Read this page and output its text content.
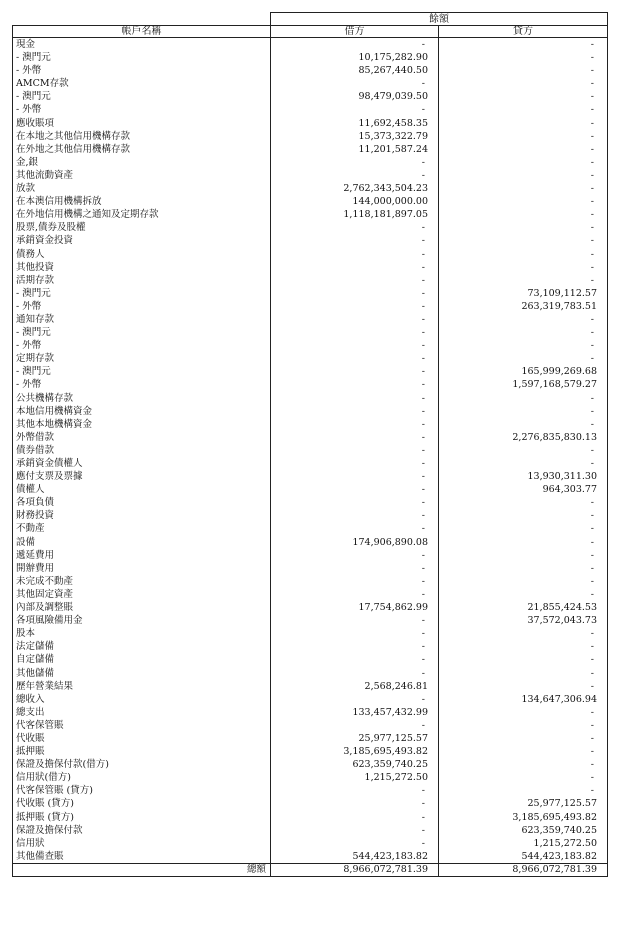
	餘額	
帳戶名稱	借方	貸方
現金	-	-
- 澳門元	10,175,282.90	-
- 外幣	85,267,440.50	-
AMCM存款	-	-
- 澳門元	98,479,039.50	-
- 外幣	-	-
應收賬項	11,692,458.35	-
在本地之其他信用機構存款	15,373,322.79	-
在外地之其他信用機構存款	11,201,587.24	-
金,銀	-	-
其他流動資產	-	-
放款	2,762,343,504.23	-
在本澳信用機構拆放	144,000,000.00	-
在外地信用機構之通知及定期存款	1,118,181,897.05	-
股票,債券及股權	-	-
承銷資金投資	-	-
債務人	-	-
其他投資	-	-
活期存款	-	-
- 澳門元	-	73,109,112.57
- 外幣	-	263,319,783.51
通知存款	-	-
- 澳門元	-	-
- 外幣	-	-
定期存款	-	-
- 澳門元	-	165,999,269.68
- 外幣	-	1,597,168,579.27
公共機構存款	-	-
本地信用機構資金	-	-
其他本地機構資金	-	-
外幣借款	-	2,276,835,830.13
債券借款	-	-
承銷資金債權人	-	-
應付支票及票據	-	13,930,311.30
債權人	-	964,303.77
各項負債	-	-
財務投資	-	-
不動產	-	-
設備	174,906,890.08	-
遞延費用	-	-
開辦費用	-	-
未完成不動產	-	-
其他固定資產	-	-
內部及調整賬	17,754,862.99	21,855,424.53
各項風險備用金	-	37,572,043.73
股本	-	-
法定儲備	-	-
自定儲備	-	-
其他儲備	-	-
歷年營業結果	2,568,246.81	-
總收入	-	134,647,306.94
總支出	133,457,432.99	-
代客保管賬	-	-
代收賬	25,977,125.57	-
抵押賬	3,185,695,493.82	-
保證及擔保付款(借方)	623,359,740.25	-
信用狀(借方)	1,215,272.50	-
代客保管賬 (貸方)	-	-
代收賬 (貸方)	-	25,977,125.57
抵押賬 (貸方)	-	3,185,695,493.82
保證及擔保付款	-	623,359,740.25
信用狀	-	1,215,272.50
其他備查賬	544,423,183.82	544,423,183.82
總額	8,966,072,781.39	8,966,072,781.39
